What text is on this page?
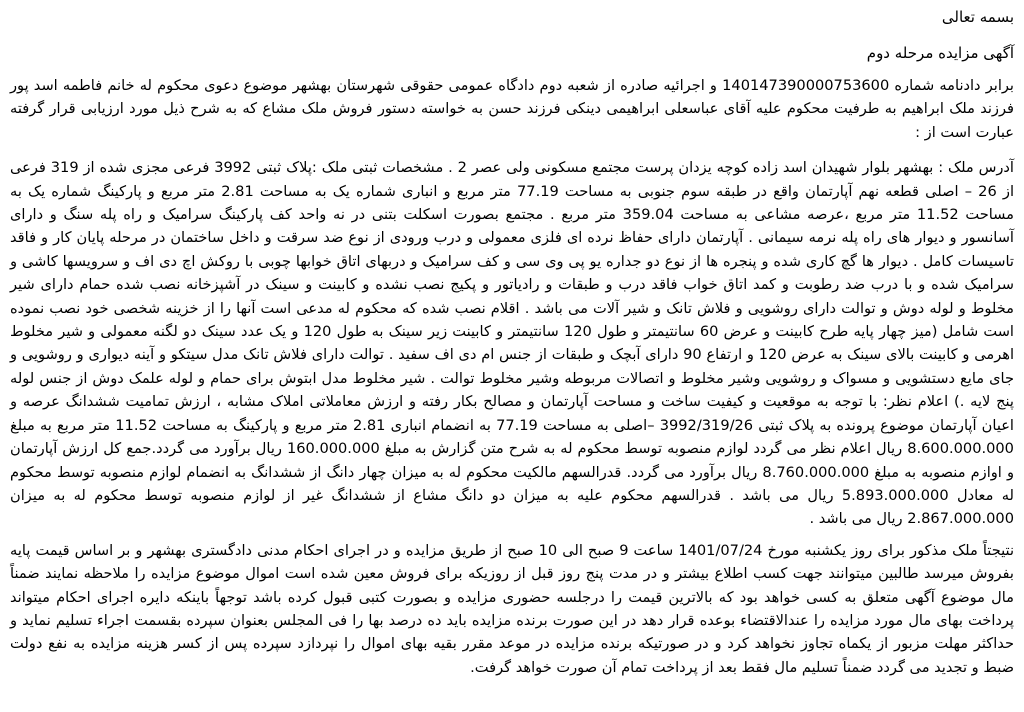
بسمه تعالی
آگهی مزایده مرحله دوم

برابر دادنامه شماره 140147390000753600 و اجرائیه صادره از شعبه دوم دادگاه عمومی حقوقی شهرستان بهشهر موضوع دعوی محکوم له خانم فاطمه اسد پور فرزند ملک ابراهیم به طرفیت محکوم علیه آقای عباسعلی ابراهیمی دینکی فرزند حسن به خواسته دستور فروش ملک مشاع که به شرح ذیل مورد ارزیابی قرار گرفته عبارت است از :

آدرس ملک : بهشهر بلوار شهیدان اسد زاده کوچه یزدان پرست مجتمع مسکونی ولی عصر 2 . مشخصات ثبتی ملک :پلاک ثبتی 3992 فرعی مجزی شده از 319 فرعی از 26 – اصلی قطعه نهم آپارتمان واقع در طبقه سوم جنوبی به مساحت 77.19 متر مربع و انباری شماره یک به مساحت 2.81 متر مربع و پارکینگ شماره یک به مساحت 11.52 متر مربع ،عرصه مشاعی به مساحت 359.04 متر مربع . مجتمع بصورت اسکلت بتنی در نه واحد کف پارکینگ سرامیک و راه پله سنگ و دارای آسانسور و دیوار های راه پله نرمه سیمانی . آپارتمان دارای حفاظ نرده ای فلزی معمولی و درب ورودی از نوع ضد سرقت و داخل ساختمان در مرحله پایان کار و فاقد تاسیسات کامل . دیوار ها گچ کاری شده و پنجره ها از نوع دو جداره یو پی وی سی و کف سرامیک و دربهای اتاق خوابها چوبی با روکش اچ دی اف و سرویسها کاشی و سرامیک شده و با درب ضد رطوبت و کمد اتاق خواب فاقد درب و طبقات و رادیاتور و پکیج نصب نشده و کابینت و سینک در آشپزخانه نصب شده حمام دارای شیر مخلوط و لوله دوش و توالت دارای روشویی و فلاش تانک و شیر آلات می باشد . اقلام نصب شده که محکوم له مدعی است آنها را از خزینه شخصی خود نصب نموده است شامل (میز چهار پایه طرح کابینت و عرض 60 سانتیمتر و طول 120 سانتیمتر و کابینت زیر سینک به طول 120 و یک عدد سینک دو لگنه معمولی و شیر مخلوط اهرمی و کابینت بالای سینک به عرض 120 و ارتفاع 90 دارای آبچک و طبقات از جنس ام دی اف سفید . توالت دارای فلاش تانک مدل سیتکو و آینه دیواری و روشویی و جای مایع دستشویی و مسواک و روشویی وشیر مخلوط و اتصالات مربوطه وشیر مخلوط توالت . شیر مخلوط مدل ابتوش برای حمام و لوله علمک دوش از جنس لوله پنج لایه .) اعلام نظر: با توجه به موقعیت و کیفیت ساخت و مساحت آپارتمان و مصالح بکار رفته و ارزش معاملاتی املاک مشابه ، ارزش تمامیت ششدانگ عرصه و اعیان آپارتمان موضوع پرونده به پلاک ثبتی 3992/319/26 –اصلی به مساحت 77.19 به انضمام انباری 2.81 متر مربع و پارکینگ به مساحت 11.52 متر مربع به مبلغ 8.600.000.000 ریال اعلام نظر می گردد لوازم منصوبه توسط محکوم له به شرح متن گزارش به مبلغ 160.000.000 ریال برآورد می گردد.جمع کل ارزش آپارتمان و اوازم منصوبه به مبلغ 8.760.000.000 ریال برآورد می گردد. قدرالسهم مالکیت محکوم له به میزان چهار دانگ از ششدانگ به انضمام لوازم منصوبه توسط محکوم له معادل 5.893.000.000 ریال می باشد . قدرالسهم محکوم علیه به میزان دو دانگ مشاع از ششدانگ غیر از لوازم منصوبه توسط محکوم له به میزان 2.867.000.000 ریال می باشد .

نتیجتاً ملک مذکور برای روز یکشنبه مورخ 1401/07/24 ساعت 9 صبح الی 10 صبح از طریق مزایده و در اجرای احکام مدنی دادگستری بهشهر و بر اساس قیمت پایه بفروش میرسد طالبین میتوانند جهت کسب اطلاع بیشتر و در مدت پنج روز قبل از روزیکه برای فروش معین شده است اموال موضوع مزایده را ملاحظه نمایند ضمناً مال موضوع آگهی متعلق به کسی خواهد بود که بالاترین قیمت را درجلسه حضوری مزایده و بصورت کتبی قبول کرده باشد توجهاً باینکه دایره اجرای احکام میتواند پرداخت بهای مال مورد مزایده را عندالاقتضاء بوعده قرار دهد در این صورت برنده مزایده باید ده درصد بها را فی المجلس بعنوان سپرده بقسمت اجراء تسلیم نماید و حداکثر مهلت مزبور از یکماه تجاوز نخواهد کرد و در صورتیکه برنده مزایده در موعد مقرر بقیه بهای اموال را نپردازد سپرده پس از کسر هزینه مزایده به نفع دولت ضبط و تجدید می گردد ضمناً تسلیم مال فقط بعد از پرداخت تمام آن صورت خواهد گرفت.
